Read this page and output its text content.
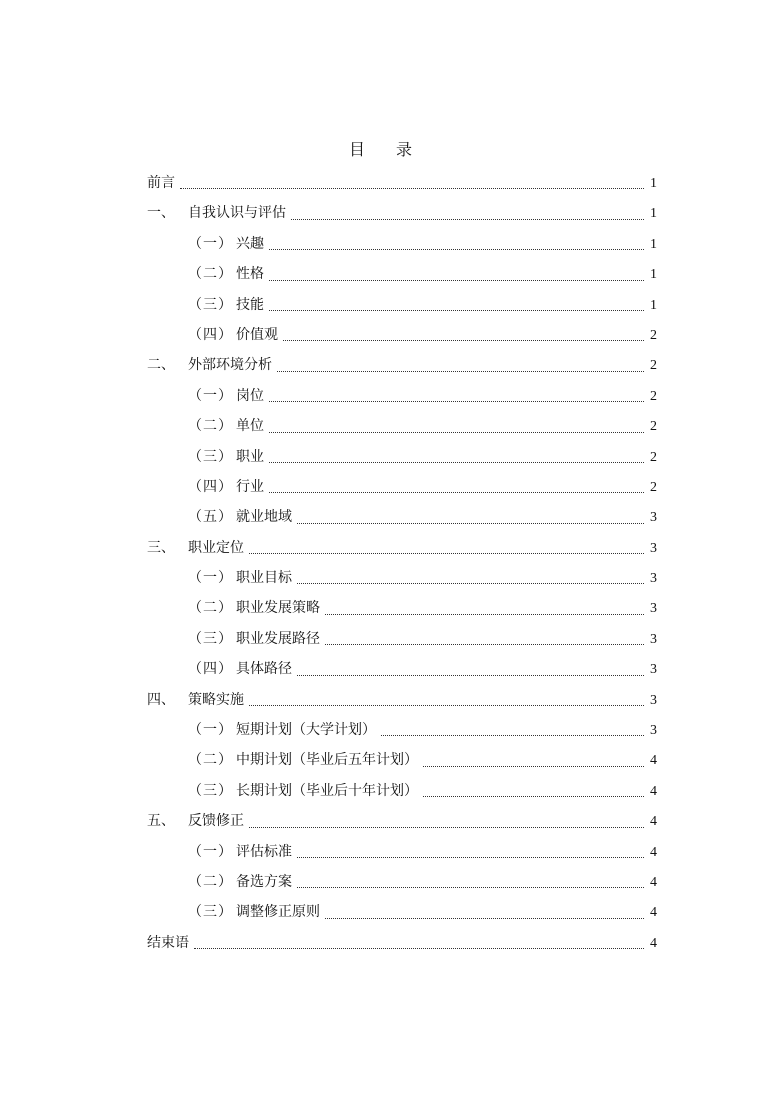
目 录
前言	1
一、 自我认识与评估	1
（一） 兴趣	1
（二） 性格	1
（三） 技能	1
（四） 价值观	2
二、 外部环境分析	2
（一） 岗位	2
（二） 单位	2
（三） 职业	2
（四） 行业	2
（五） 就业地域	3
三、 职业定位	3
（一） 职业目标	3
（二） 职业发展策略	3
（三） 职业发展路径	3
（四） 具体路径	3
四、 策略实施	3
（一） 短期计划（大学计划）	3
（二） 中期计划（毕业后五年计划）	4
（三） 长期计划（毕业后十年计划）	4
五、 反馈修正	4
（一） 评估标准	4
（二） 备选方案	4
（三） 调整修正原则	4
结束语	4
